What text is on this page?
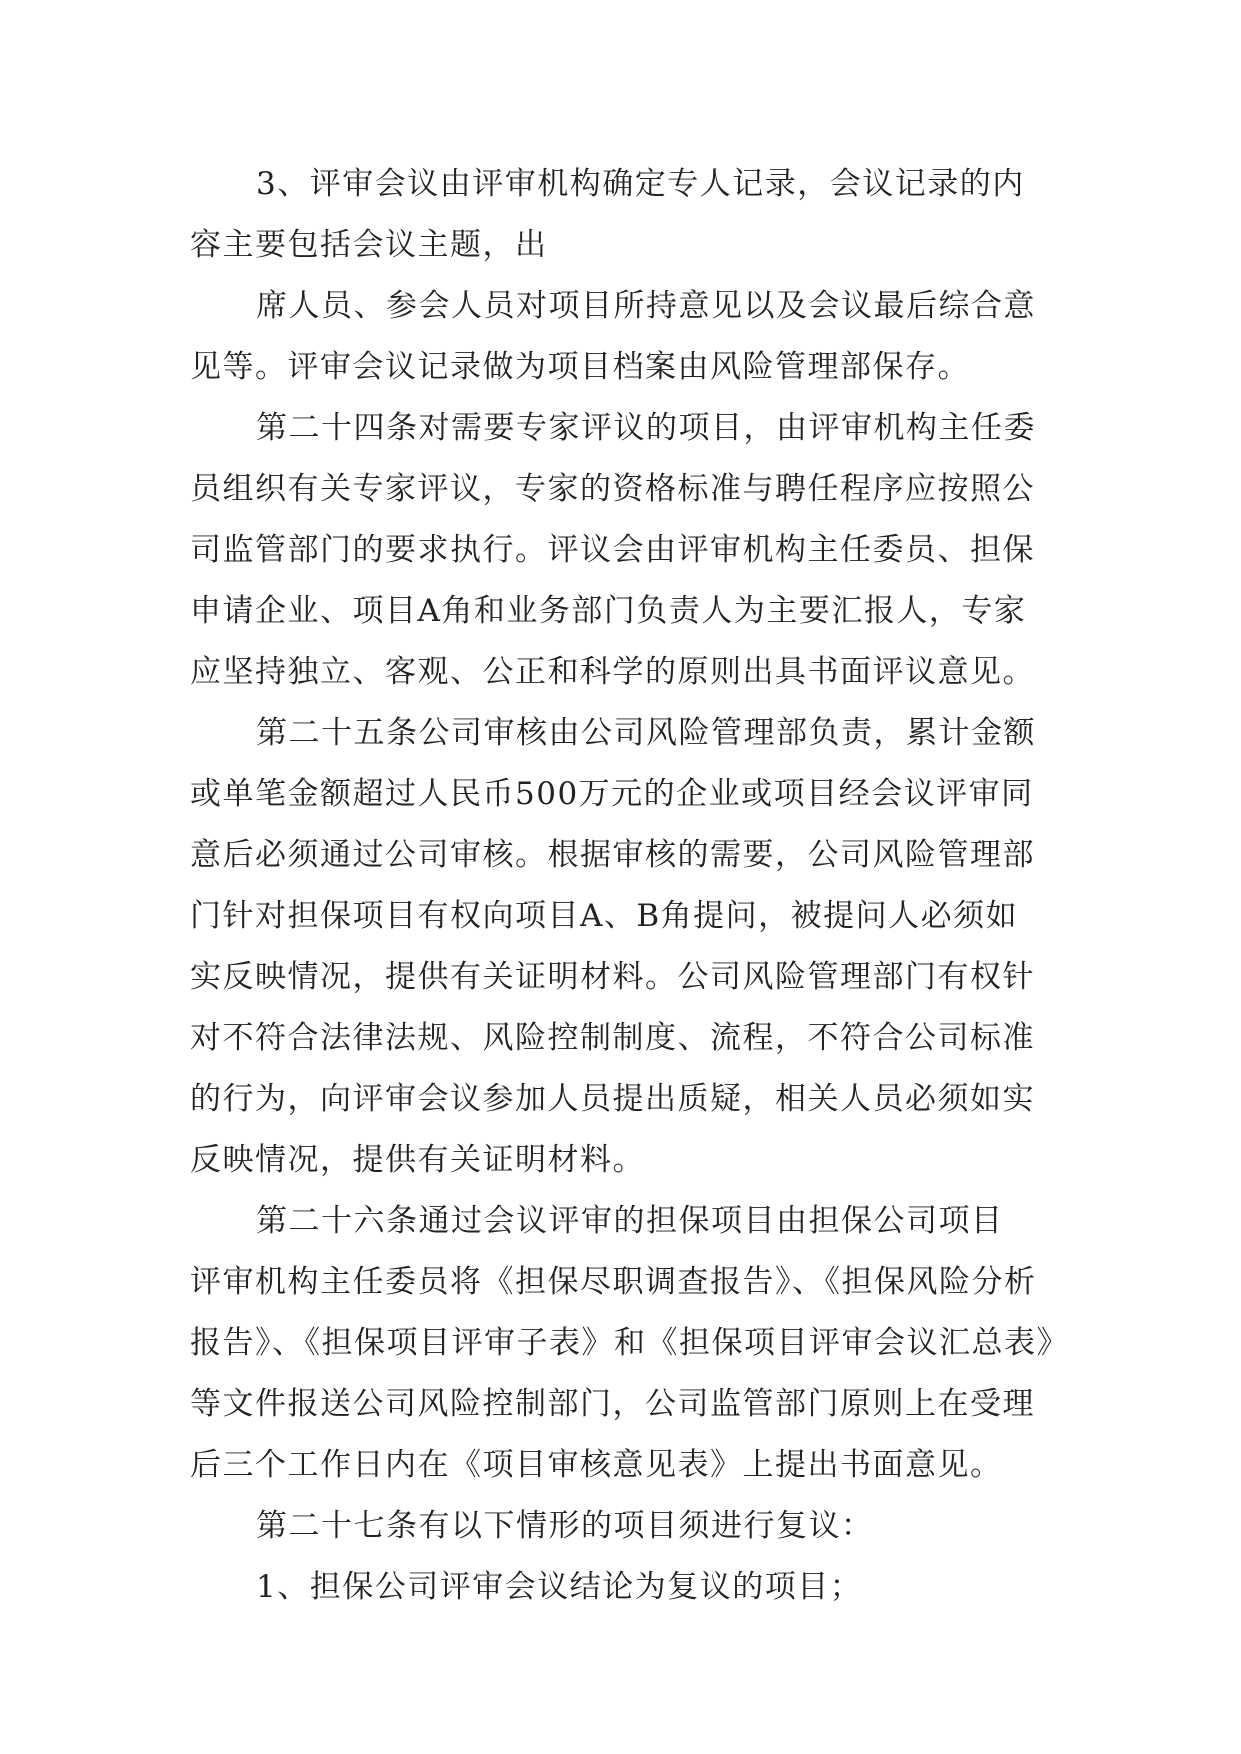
3、评审会议由评审机构确定专人记录，会议记录的内
容主要包括会议主题，出
席人员、参会人员对项目所持意见以及会议最后综合意
见等。评审会议记录做为项目档案由风险管理部保存。
第二十四条对需要专家评议的项目，由评审机构主任委
员组织有关专家评议，专家的资格标准与聘任程序应按照公
司监管部门的要求执行。评议会由评审机构主任委员、担保
申请企业、项目A角和业务部门负责人为主要汇报人，专家
应坚持独立、客观、公正和科学的原则出具书面评议意见。
第二十五条公司审核由公司风险管理部负责，累计金额
或单笔金额超过人民币500万元的企业或项目经会议评审同
意后必须通过公司审核。根据审核的需要，公司风险管理部
门针对担保项目有权向项目A、B角提问，被提问人必须如
实反映情况，提供有关证明材料。公司风险管理部门有权针
对不符合法律法规、风险控制制度、流程，不符合公司标准
的行为，向评审会议参加人员提出质疑，相关人员必须如实
反映情况，提供有关证明材料。
第二十六条通过会议评审的担保项目由担保公司项目
评审机构主任委员将《担保尽职调查报告》、《担保风险分析
报告》、《担保项目评审子表》和《担保项目评审会议汇总表》
等文件报送公司风险控制部门，公司监管部门原则上在受理
后三个工作日内在《项目审核意见表》上提出书面意见。
第二十七条有以下情形的项目须进行复议：
1、担保公司评审会议结论为复议的项目；
